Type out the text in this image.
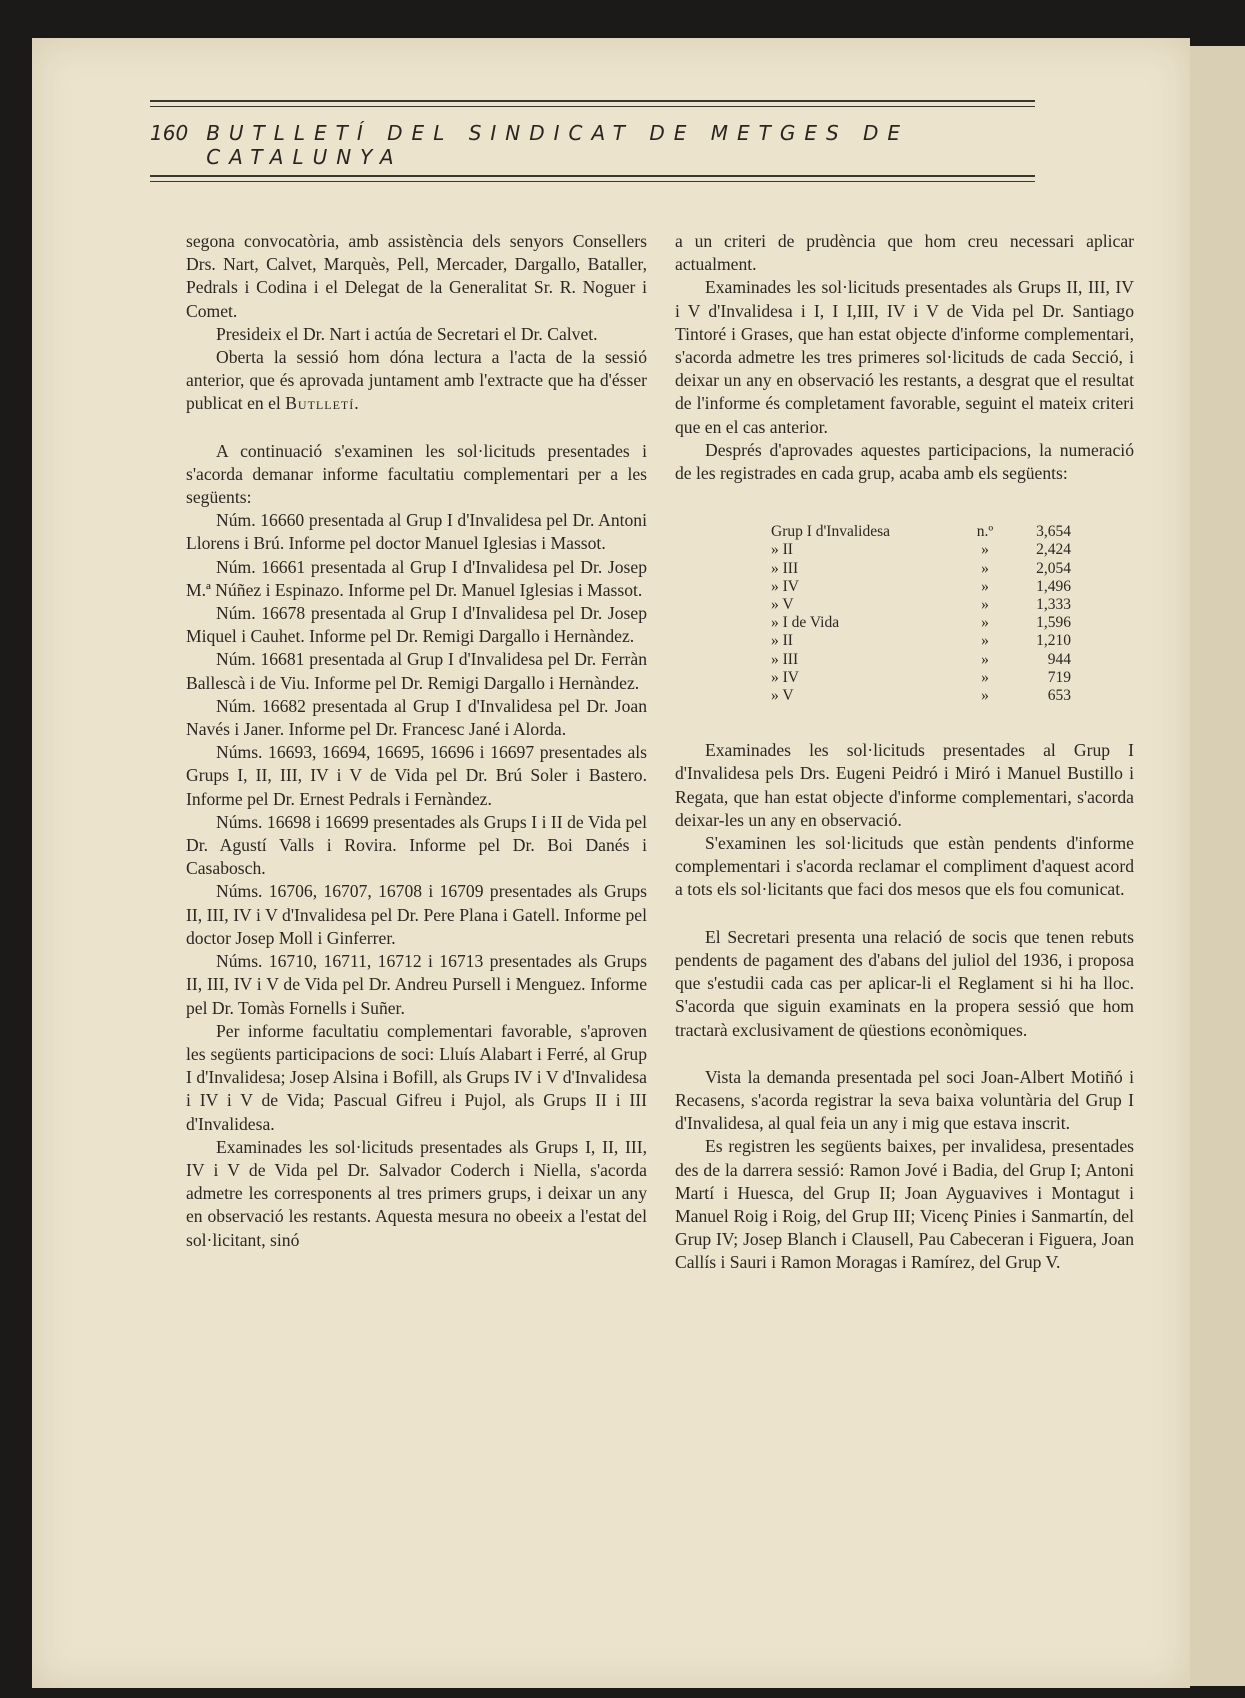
160 BUTLLETÍ DEL SINDICAT DE METGES DE CATALUNYA

segona convocatòria, amb assistència dels senyors Consellers Drs. Nart, Calvet, Marquès, Pell, Mercader, Dargallo, Bataller, Pedrals i Codina i el Delegat de la Generalitat Sr. R. Noguer i Comet.

Presideix el Dr. Nart i actúa de Secretari el Dr. Calvet.

Oberta la sessió hom dóna lectura a l'acta de la sessió anterior, que és aprovada juntament amb l'extracte que ha d'ésser publicat en el Butlletí.

A continuació s'examinen les sol·licituds presentades i s'acorda demanar informe facultatiu complementari per a les següents:

Núm. 16660 presentada al Grup I d'Invalidesa pel Dr. Antoni Llorens i Brú. Informe pel doctor Manuel Iglesias i Massot.

Núm. 16661 presentada al Grup I d'Invalidesa pel Dr. Josep M.ª Núñez i Espinazo. Informe pel Dr. Manuel Iglesias i Massot.

Núm. 16678 presentada al Grup I d'Invalidesa pel Dr. Josep Miquel i Cauhet. Informe pel Dr. Remigi Dargallo i Hernàndez.

Núm. 16681 presentada al Grup I d'Invalidesa pel Dr. Ferràn Ballescà i de Viu. Informe pel Dr. Remigi Dargallo i Hernàndez.

Núm. 16682 presentada al Grup I d'Invalidesa pel Dr. Joan Navés i Janer. Informe pel Dr. Francesc Jané i Alorda.

Núms. 16693, 16694, 16695, 16696 i 16697 presentades als Grups I, II, III, IV i V de Vida pel Dr. Brú Soler i Bastero. Informe pel Dr. Ernest Pedrals i Fernàndez.

Núms. 16698 i 16699 presentades als Grups I i II de Vida pel Dr. Agustí Valls i Rovira. Informe pel Dr. Boi Danés i Casabosch.

Núms. 16706, 16707, 16708 i 16709 presentades als Grups II, III, IV i V d'Invalidesa pel Dr. Pere Plana i Gatell. Informe pel doctor Josep Moll i Ginferrer.

Núms. 16710, 16711, 16712 i 16713 presentades als Grups II, III, IV i V de Vida pel Dr. Andreu Pursell i Menguez. Informe pel Dr. Tomàs Fornells i Suñer.

Per informe facultatiu complementari favorable, s'aproven les següents participacions de soci: Lluís Alabart i Ferré, al Grup I d'Invalidesa; Josep Alsina i Bofill, als Grups IV i V d'Invalidesa i IV i V de Vida; Pascual Gifreu i Pujol, als Grups II i III d'Invalidesa.

Examinades les sol·licituds presentades als Grups I, II, III, IV i V de Vida pel Dr. Salvador Coderch i Niella, s'acorda admetre les corresponents al tres primers grups, i deixar un any en observació les restants. Aquesta mesura no obeeix a l'estat del sol·licitant, sinó

a un criteri de prudència que hom creu necessari aplicar actualment.

Examinades les sol·licituds presentades als Grups II, III, IV i V d'Invalidesa i I, I I,III, IV i V de Vida pel Dr. Santiago Tintoré i Grases, que han estat objecte d'informe complementari, s'acorda admetre les tres primeres sol·licituds de cada Secció, i deixar un any en observació les restants, a desgrat que el resultat de l'informe és completament favorable, seguint el mateix criteri que en el cas anterior.

Després d'aprovades aquestes participacions, la numeració de les registrades en cada grup, acaba amb els següents:

Grup I d'Invalidesa	n.º	3,654
» II	»	2,424
» III	»	2,054
» IV	»	1,496
» V	»	1,333
» I de Vida	»	1,596
» II	»	1,210
» III	»	944
» IV	»	719
» V	»	653

Examinades les sol·licituds presentades al Grup I d'Invalidesa pels Drs. Eugeni Peidró i Miró i Manuel Bustillo i Regata, que han estat objecte d'informe complementari, s'acorda deixar-les un any en observació.

S'examinen les sol·licituds que estàn pendents d'informe complementari i s'acorda reclamar el compliment d'aquest acord a tots els sol·licitants que faci dos mesos que els fou comunicat.

El Secretari presenta una relació de socis que tenen rebuts pendents de pagament des d'abans del juliol del 1936, i proposa que s'estudii cada cas per aplicar-li el Reglament si hi ha lloc. S'acorda que siguin examinats en la propera sessió que hom tractarà exclusivament de qüestions econòmiques.

Vista la demanda presentada pel soci Joan-Albert Motiñó i Recasens, s'acorda registrar la seva baixa voluntària del Grup I d'Invalidesa, al qual feia un any i mig que estava inscrit.

Es registren les següents baixes, per invalidesa, presentades des de la darrera sessió: Ramon Jové i Badia, del Grup I; Antoni Martí i Huesca, del Grup II; Joan Ayguavives i Montagut i Manuel Roig i Roig, del Grup III; Vicenç Pinies i Sanmartín, del Grup IV; Josep Blanch i Clausell, Pau Cabeceran i Figuera, Joan Callís i Sauri i Ramon Moragas i Ramírez, del Grup V.
